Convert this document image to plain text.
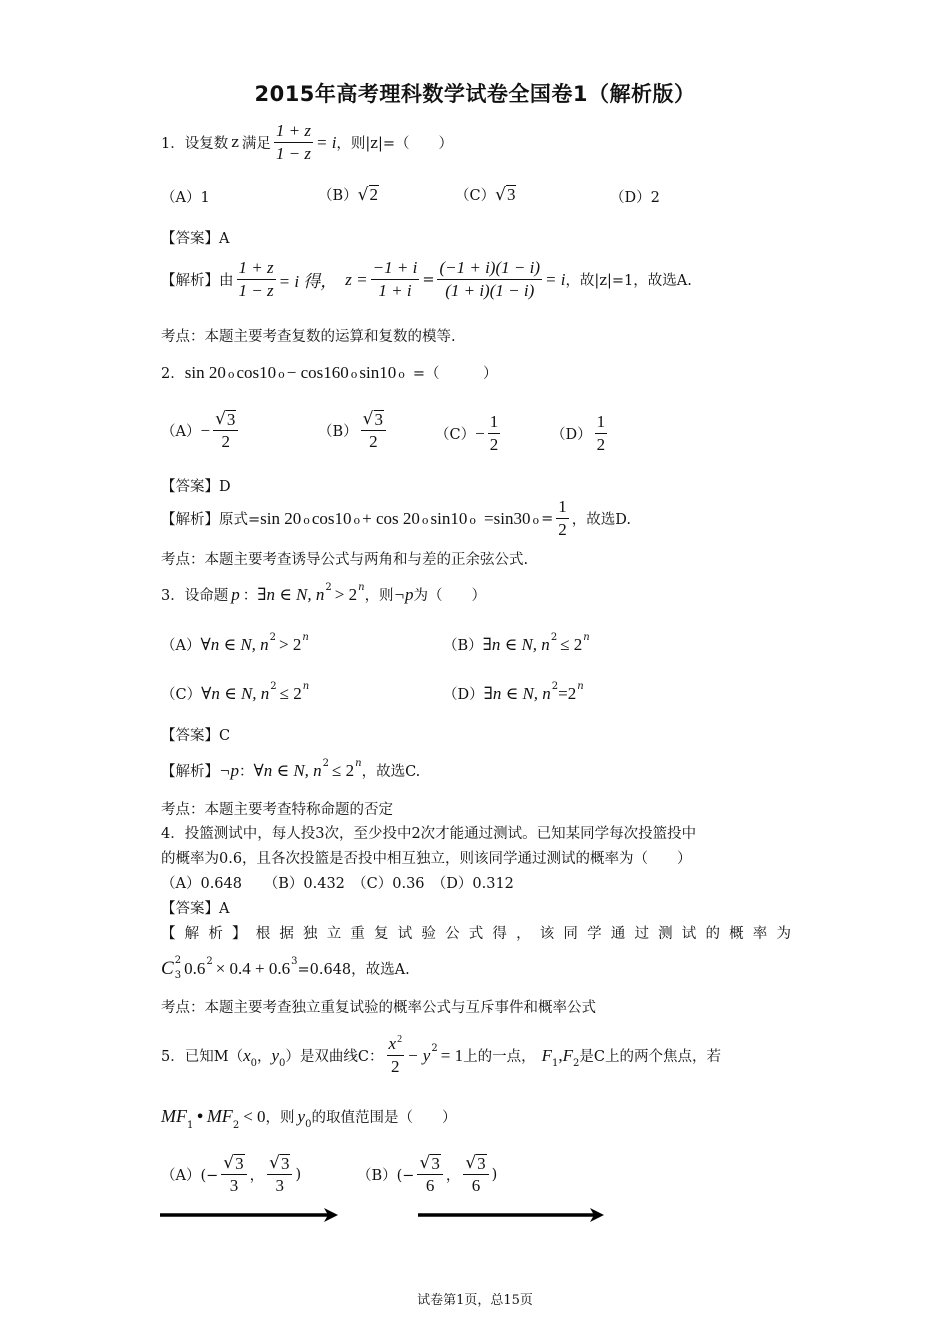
2015年高考理科数学试卷全国卷1（解析版）
1．设复数 z 满足 $\frac{1 + z}{1 - z} = i$ ，则|z|=（　　）
（A）1	（B） √ 2	（C） √ 3	（D）2
【答案】A
【解析】 由 $\frac{1 + z}{1 - z} = i$ 得， $z = \frac{-1 + i}{1 + i} = \frac{(-1 + i)(1 - i)}{(1 + i)(1 - i)} = i$ ，故|z|=1，故选A.
考点：本题主要考查复数的运算和复数的模等.
2． sin 20 o cos10 o − cos160 o sin10 o =（　　　）
$(A) - \frac{√ 3}{2}$	$(B) \frac{√ 3}{2}$	$(C) - \frac{1}{2}$	$(D) \frac{1}{2}$
【答案】D
【解析】 原式= sin 20 o cos10 o + cos 20 o sin10 o =sin30 $o = \frac{1}{2}$ ，故选D.
考点：本题主要考查诱导公式与两角和与差的正余弦公式.
3．设命题 p ： ∃n ∈ N, n 2 > 2 n
，则 ¬p 为（　　）
（A） ∀n ∈ N, n 2 > 2 n
（B） ∃n ∈ N, n 2 ≤ 2 n
（C） ∀n ∈ N, n 2 ≤ 2 n
（D） ∃n ∈ N, n 2 =2 n
【答案】C
【解析】 ¬p ： ∀n ∈ N, n 2 ≤ 2 n
，故选C.
考点：本题主要考查特称命题的否定
4．投篮测试中，每人投3次，至少投中2次才能通过测试。已知某同学每次投篮投中
的概率为0.6，且各次投篮是否投中相互独立，则该同学通过测试的概率为（　　）
（A）0.648　　（B）0.432　（C）0.36　（D）0.312
【答案】A
【 解 析 】 根 据 独 立 重 复 试 验 公 式 得 ， 该 同 学 通 过 测 试 的 概 率 为
C 2
3 0.6 2 × 0.4 + 0.6 3
=0.648，故选A.
考点：本题主要考查独立重复试验的概率公式与互斥事件和概率公式
5．已知M（ x 0 ， y 0 ）是双曲线C： $\frac{x^2}{2} - y$ 2 = 1 上的一点， F 1 , F 2 是C上的两个焦点，若
MF 1 • MF 2 < 0 ，则 y 0 的取值范围是（　　）
$(A)(- \frac{√ 3}{3}$ ， $\frac{√ 3}{3}$ )	$(B)(- \frac{√ 3}{6}$ ， $\frac{√ 3}{6}$ )
试卷第1页，总15页
